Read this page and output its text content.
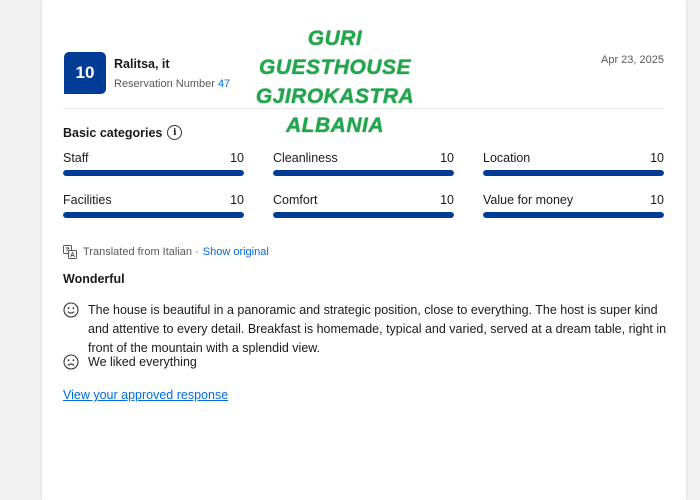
10	Ralitsa, it
Reservation Number 47
Apr 23, 2025
GURI
GUESTHOUSE
GJIROKASTRA
ALBANIA
Basic categories	i
Staff	10 Cleanliness	10 Location	10
Facilities	10 Comfort	10 Value for money	10
Translated from Italian · Show original
Wonderful
The house is beautiful in a panoramic and strategic position, close to everything. The host is super kind and attentive to every detail. Breakfast is homemade, typical and varied, served at a dream table, right in front of the mountain with a splendid view.
We liked everything
View your approved response
